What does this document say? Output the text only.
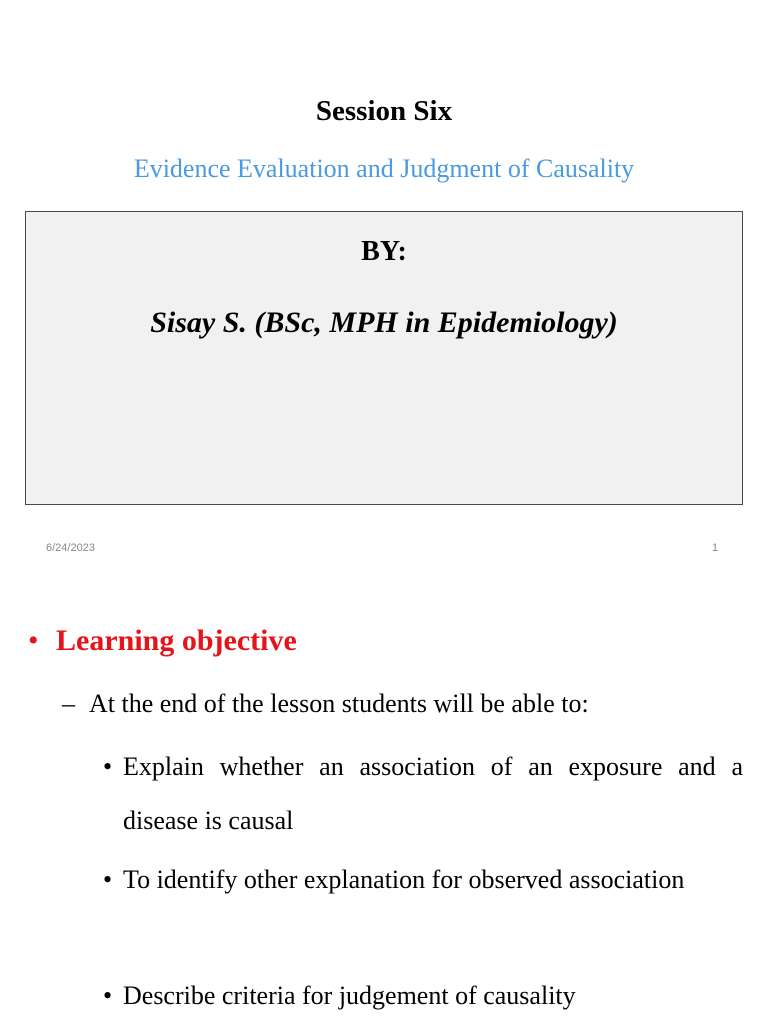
Session Six
Evidence Evaluation and Judgment of Causality
BY:
Sisay S. (BSc, MPH in Epidemiology)
6/24/2023	1
• Learning objective
– At the end of the lesson students will be able to:
• Explain whether an association of an exposure and a disease is causal
• To identify other explanation for observed association
• Describe criteria for judgement of causality
